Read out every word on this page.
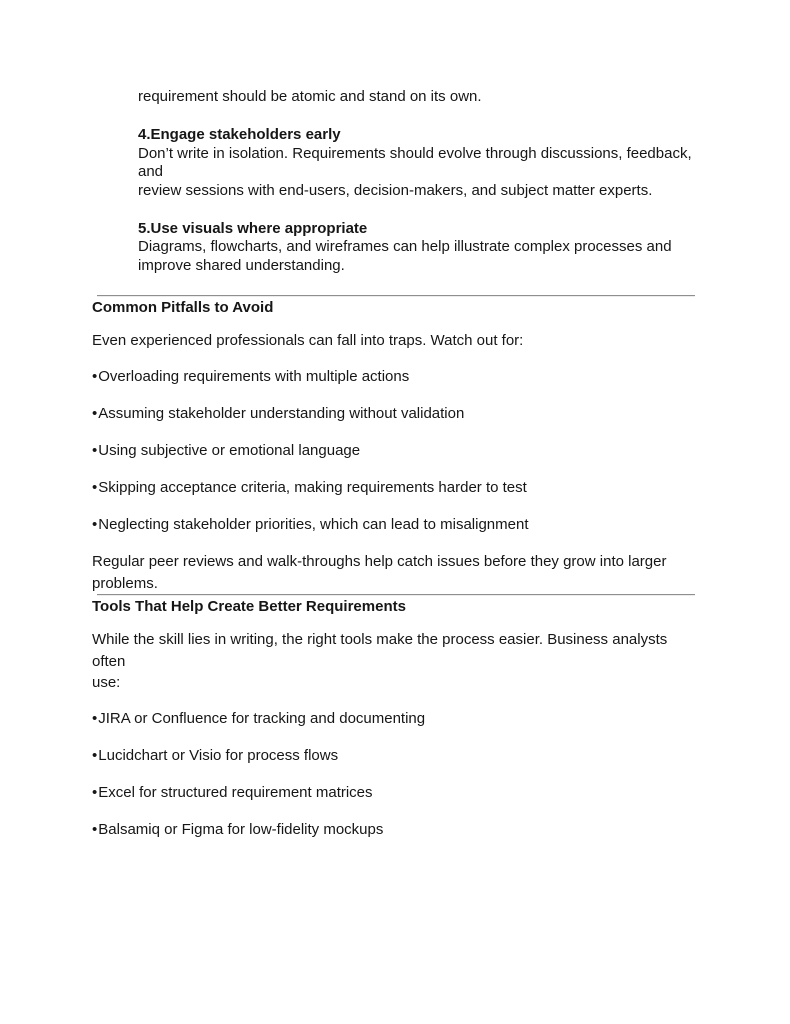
requirement should be atomic and stand on its own.

4.Engage stakeholders early
Don’t write in isolation. Requirements should evolve through discussions, feedback, and
review sessions with end-users, decision-makers, and subject matter experts.
5.Use visuals where appropriate
Diagrams, flowcharts, and wireframes can help illustrate complex processes and
improve shared understanding.
Common Pitfalls to Avoid

Even experienced professionals can fall into traps. Watch out for:

•Overloading requirements with multiple actions

•Assuming stakeholder understanding without validation

•Using subjective or emotional language

•Skipping acceptance criteria, making requirements harder to test

•Neglecting stakeholder priorities, which can lead to misalignment

Regular peer reviews and walk-throughs help catch issues before they grow into larger
problems.

Tools That Help Create Better Requirements

While the skill lies in writing, the right tools make the process easier. Business analysts often
use:

•JIRA or Confluence for tracking and documenting

•Lucidchart or Visio for process flows

•Excel for structured requirement matrices

•Balsamiq or Figma for low-fidelity mockups
